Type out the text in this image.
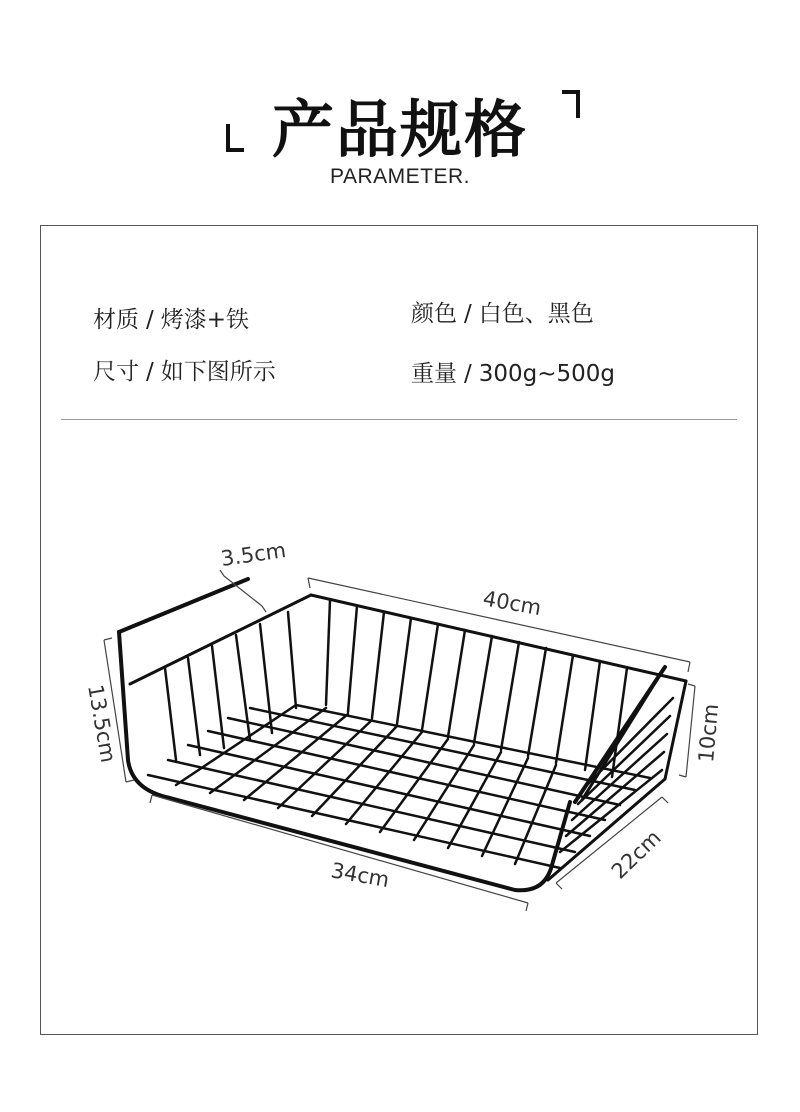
产品规格
PARAMETER.
材质 / 烤漆+铁	颜色 / 白色、黑色
尺寸 / 如下图所示	重量 / 300g~500g
3.5cm
40cm
13.5cm
34cm
10cm
22cm
